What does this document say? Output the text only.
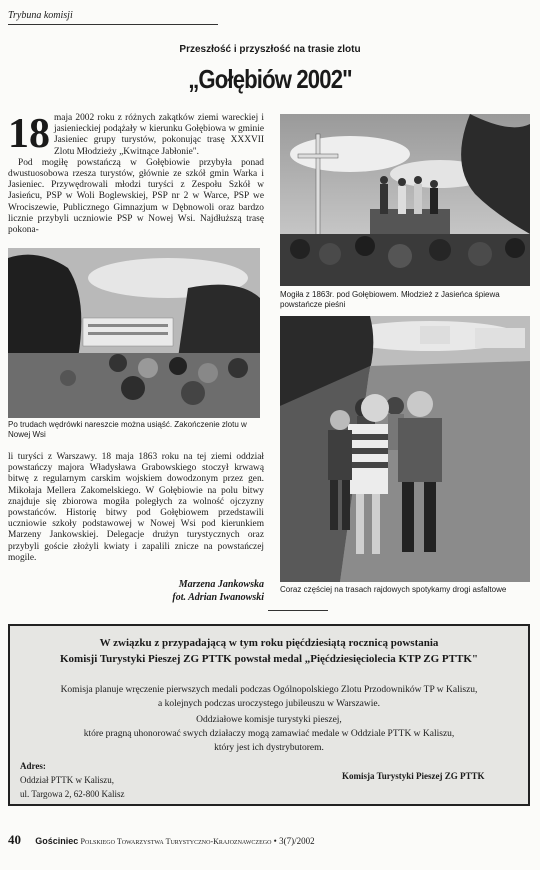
Trybuna komisji
Przeszłość i przyszłość na trasie zlotu
„Gołębiów 2002"
18 maja 2002 roku z różnych zakątków ziemi wareckiej i jasienieckiej podążały w kierunku Gołębiowa w gminie Jasieniec grupy turystów, pokonując trasę XXXVII Zlotu Młodzieży „Kwitnące Jabłonie".
Pod mogiłę powstańczą w Gołębiowie przybyła ponad dwustuosobowa rzesza turystów, głównie ze szkół gmin Warka i Jasieniec. Przywędrowali młodzi turyści z Zespołu Szkół w Jasieńcu, PSP w Woli Boglewskiej, PSP nr 2 w Warce, PSP we Wrociszewie, Publicznego Gimnazjum w Dębnowoli oraz bardzo licznie przybyli uczniowie PSP w Nowej Wsi. Najdłuższą trasę pokona-
Mogiła z 1863r. pod Gołębiowem. Młodzież z Jasieńca śpiewa powstańcze pieśni
Po trudach wędrówki nareszcie można usiąść. Zakończenie zlotu w Nowej Wsi
Coraz częściej na trasach rajdowych spotykamy drogi asfaltowe
li turyści z Warszawy. 18 maja 1863 roku na tej ziemi oddział powstańczy majora Władysława Grabowskiego stoczył krwawą bitwę z regularnym carskim wojskiem dowodzonym przez gen. Mikołaja Mellera Zakomelskiego. W Gołębiowie na polu bitwy znajduje się zbiorowa mogiła poległych za wolność ojczyzny powstańców. Historię bitwy pod Gołębiowem przedstawili uczniowie szkoły podstawowej w Nowej Wsi pod kierunkiem Marzeny Jankowskiej. Delegacje drużyn turystycznych oraz przybyli goście złożyli kwiaty i zapalili znicze na powstańczej mogile.
Marzena Jankowska
fot. Adrian Iwanowski
W związku z przypadającą w tym roku pięćdziesiątą rocznicą powstania
Komisji Turystyki Pieszej ZG PTTK powstał medal „Pięćdziesięciolecia KTP ZG PTTK"
Komisja planuje wręczenie pierwszych medali podczas Ogólnopolskiego Zlotu Przodowników TP w Kaliszu,
a kolejnych podczas uroczystego jubileuszu w Warszawie.
Oddziałowe komisje turystyki pieszej,
które pragną uhonorować swych działaczy mogą zamawiać medale w Oddziale PTTK w Kaliszu,
który jest ich dystrybutorem.
Adres:
Oddział PTTK w Kaliszu,
ul. Targowa 2, 62-800 Kalisz
Komisja Turystyki Pieszej ZG PTTK
40 Gościniec Polskiego Towarzystwa Turystyczno-Krajoznawczego • 3(7)/2002
